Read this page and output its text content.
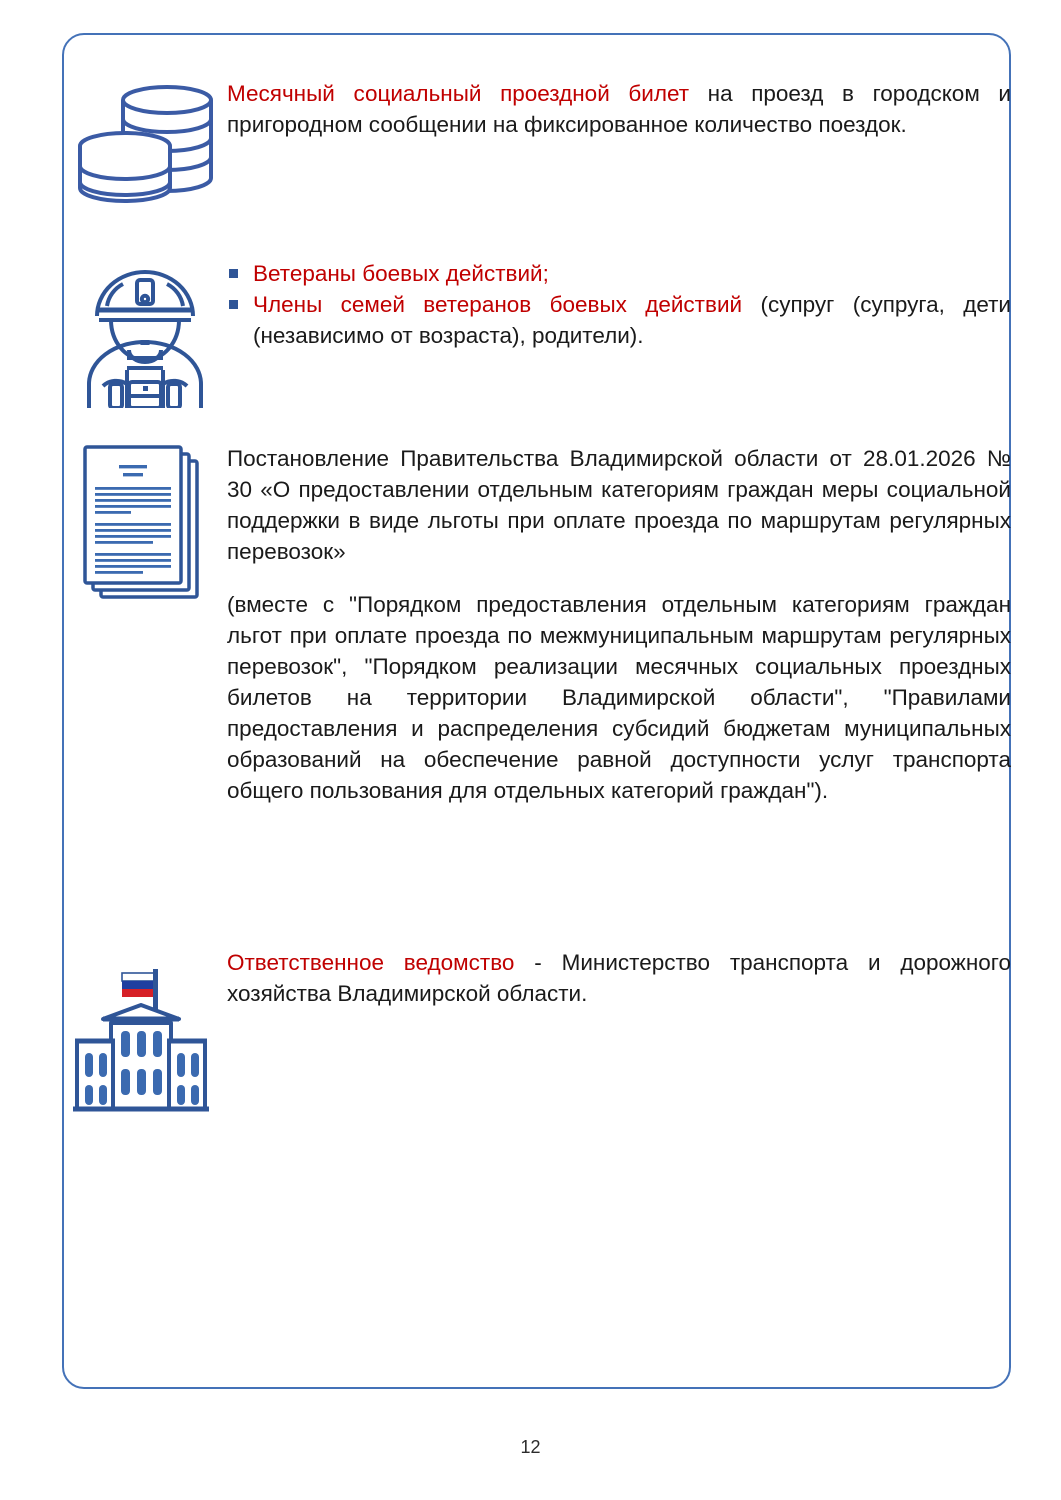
Месячный социальный проездной билет на проезд в городском и пригородном сообщении на фиксированное количество поездок.

Ветераны боевых действий;
Члены семей ветеранов боевых действий (супруг (супруга, дети (независимо от возраста), родители).

Постановление Правительства Владимирской области от 28.01.2026 № 30 «О предоставлении отдельным категориям граждан меры социальной поддержки в виде льготы при оплате проезда по маршрутам регулярных перевозок»

(вместе с "Порядком предоставления отдельным категориям граждан льгот при оплате проезда по межмуниципальным маршрутам регулярных перевозок", "Порядком реализации месячных социальных проездных билетов на территории Владимирской области", "Правилами предоставления и распределения субсидий бюджетам муниципальных образований на обеспечение равной доступности услуг транспорта общего пользования для отдельных категорий граждан").

Ответственное ведомство - Министерство транспорта и дорожного хозяйства Владимирской области.

12
